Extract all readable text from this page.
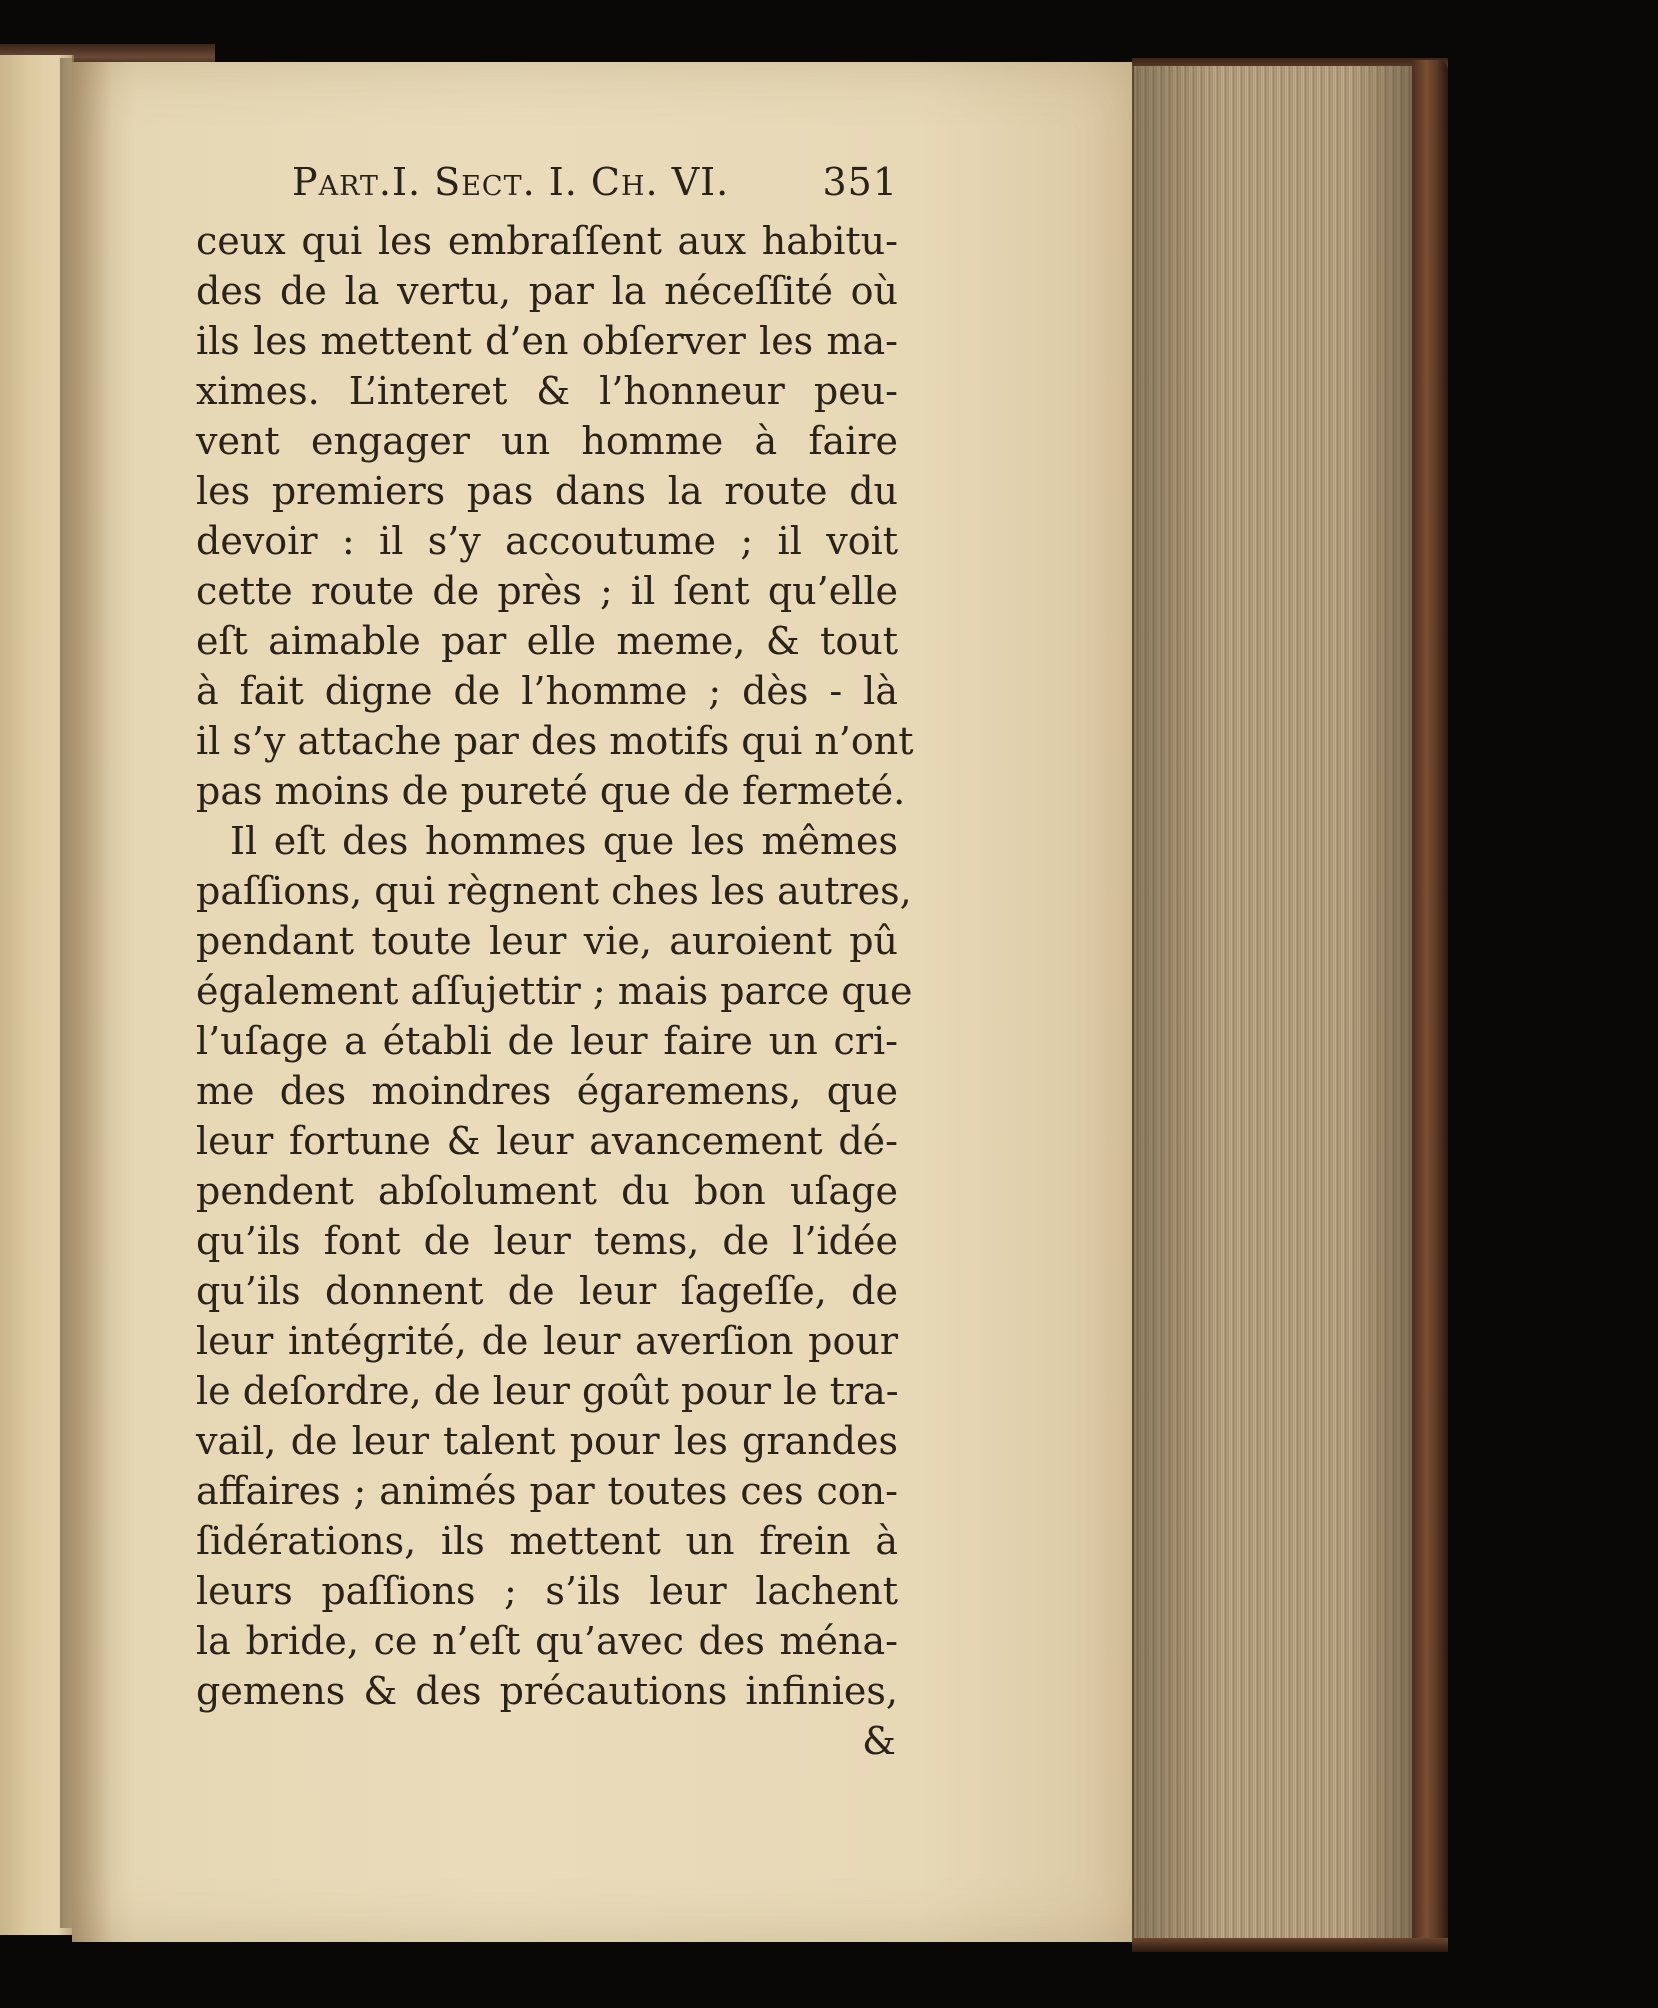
Part.I. Sect. I. Ch. VI. 351
ceux qui les embraſſent aux habitu-
des de la vertu, par la néceſſité où
ils les mettent d’en obſerver les ma-
ximes. L’interet & l’honneur peu-
vent engager un homme à faire
les premiers pas dans la route du
devoir : il s’y accoutume ; il voit
cette route de près ; il ſent qu’elle
eſt aimable par elle meme, & tout
à fait digne de l’homme ; dès - là
il s’y attache par des motifs qui n’ont
pas moins de pureté que de fermeté.
Il eſt des hommes que les mêmes
paſſions, qui règnent ches les autres,
pendant toute leur vie, auroient pû
également aſſujettir ; mais parce que
l’uſage a établi de leur faire un cri-
me des moindres égaremens, que
leur fortune & leur avancement dé-
pendent abſolument du bon uſage
qu’ils font de leur tems, de l’idée
qu’ils donnent de leur ſageſſe, de
leur intégrité, de leur averſion pour
le deſordre, de leur goût pour le tra-
vail, de leur talent pour les grandes
affaires ; animés par toutes ces con-
ſidérations, ils mettent un frein à
leurs paſſions ; s’ils leur lachent
la bride, ce n’eſt qu’avec des ména-
gemens & des précautions infinies,
&
